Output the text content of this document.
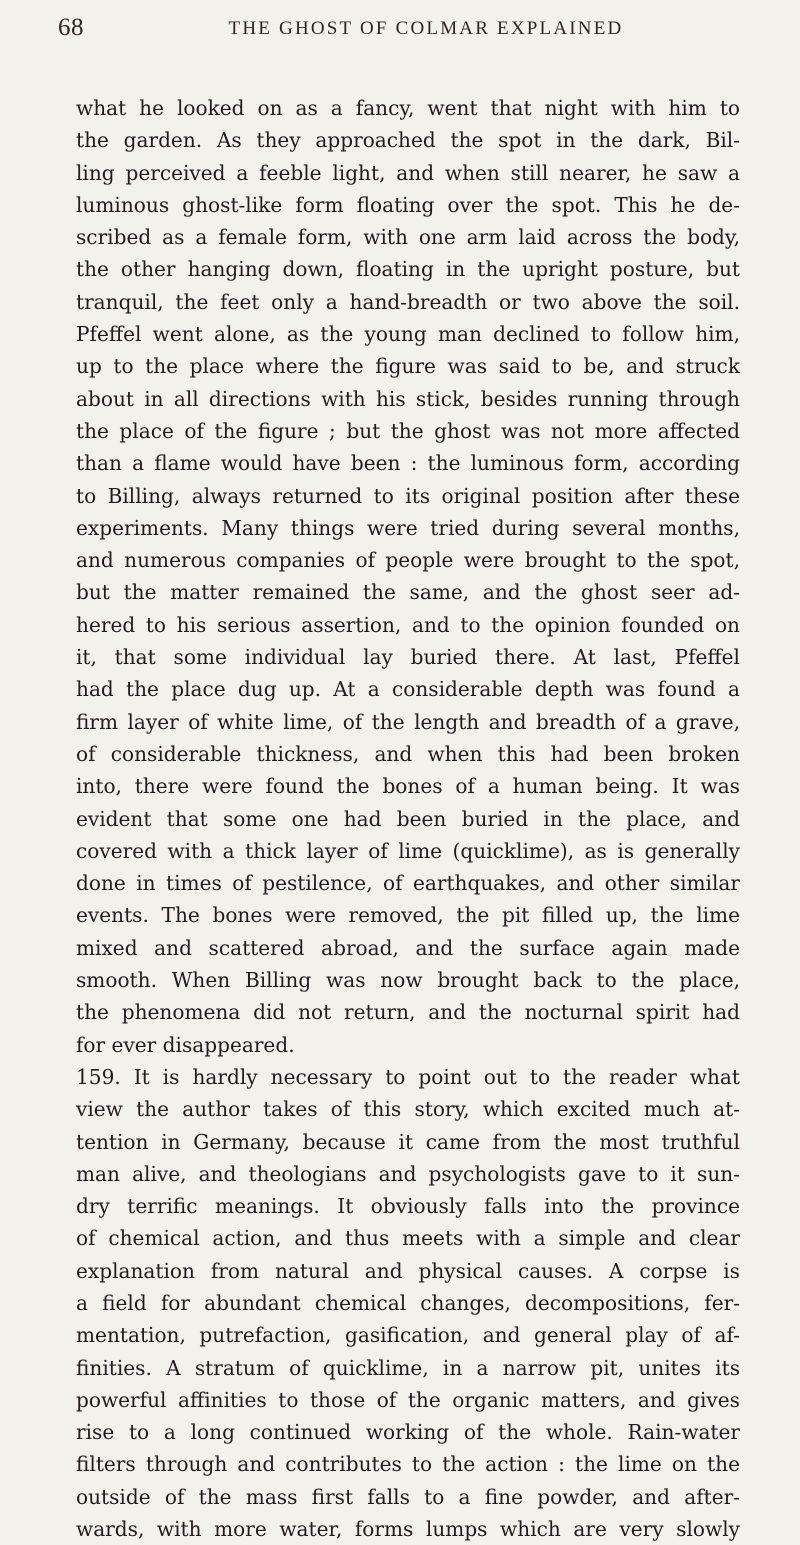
68	THE GHOST OF COLMAR EXPLAINED
what he looked on as a fancy, went that night with him to
the garden. As they approached the spot in the dark, Bil-
ling perceived a feeble light, and when still nearer, he saw a
luminous ghost-like form floating over the spot. This he de-
scribed as a female form, with one arm laid across the body,
the other hanging down, floating in the upright posture, but
tranquil, the feet only a hand-breadth or two above the soil.
Pfeffel went alone, as the young man declined to follow him,
up to the place where the figure was said to be, and struck
about in all directions with his stick, besides running through
the place of the figure ; but the ghost was not more affected
than a flame would have been : the luminous form, according
to Billing, always returned to its original position after these
experiments. Many things were tried during several months,
and numerous companies of people were brought to the spot,
but the matter remained the same, and the ghost seer ad-
hered to his serious assertion, and to the opinion founded on
it, that some individual lay buried there. At last, Pfeffel
had the place dug up. At a considerable depth was found a
firm layer of white lime, of the length and breadth of a grave,
of considerable thickness, and when this had been broken
into, there were found the bones of a human being. It was
evident that some one had been buried in the place, and
covered with a thick layer of lime (quicklime), as is generally
done in times of pestilence, of earthquakes, and other similar
events. The bones were removed, the pit filled up, the lime
mixed and scattered abroad, and the surface again made
smooth. When Billing was now brought back to the place,
the phenomena did not return, and the nocturnal spirit had
for ever disappeared.
159. It is hardly necessary to point out to the reader what
view the author takes of this story, which excited much at-
tention in Germany, because it came from the most truthful
man alive, and theologians and psychologists gave to it sun-
dry terrific meanings. It obviously falls into the province
of chemical action, and thus meets with a simple and clear
explanation from natural and physical causes. A corpse is
a field for abundant chemical changes, decompositions, fer-
mentation, putrefaction, gasification, and general play of af-
finities. A stratum of quicklime, in a narrow pit, unites its
powerful affinities to those of the organic matters, and gives
rise to a long continued working of the whole. Rain-water
filters through and contributes to the action : the lime on the
outside of the mass first falls to a fine powder, and after-
wards, with more water, forms lumps which are very slowly
